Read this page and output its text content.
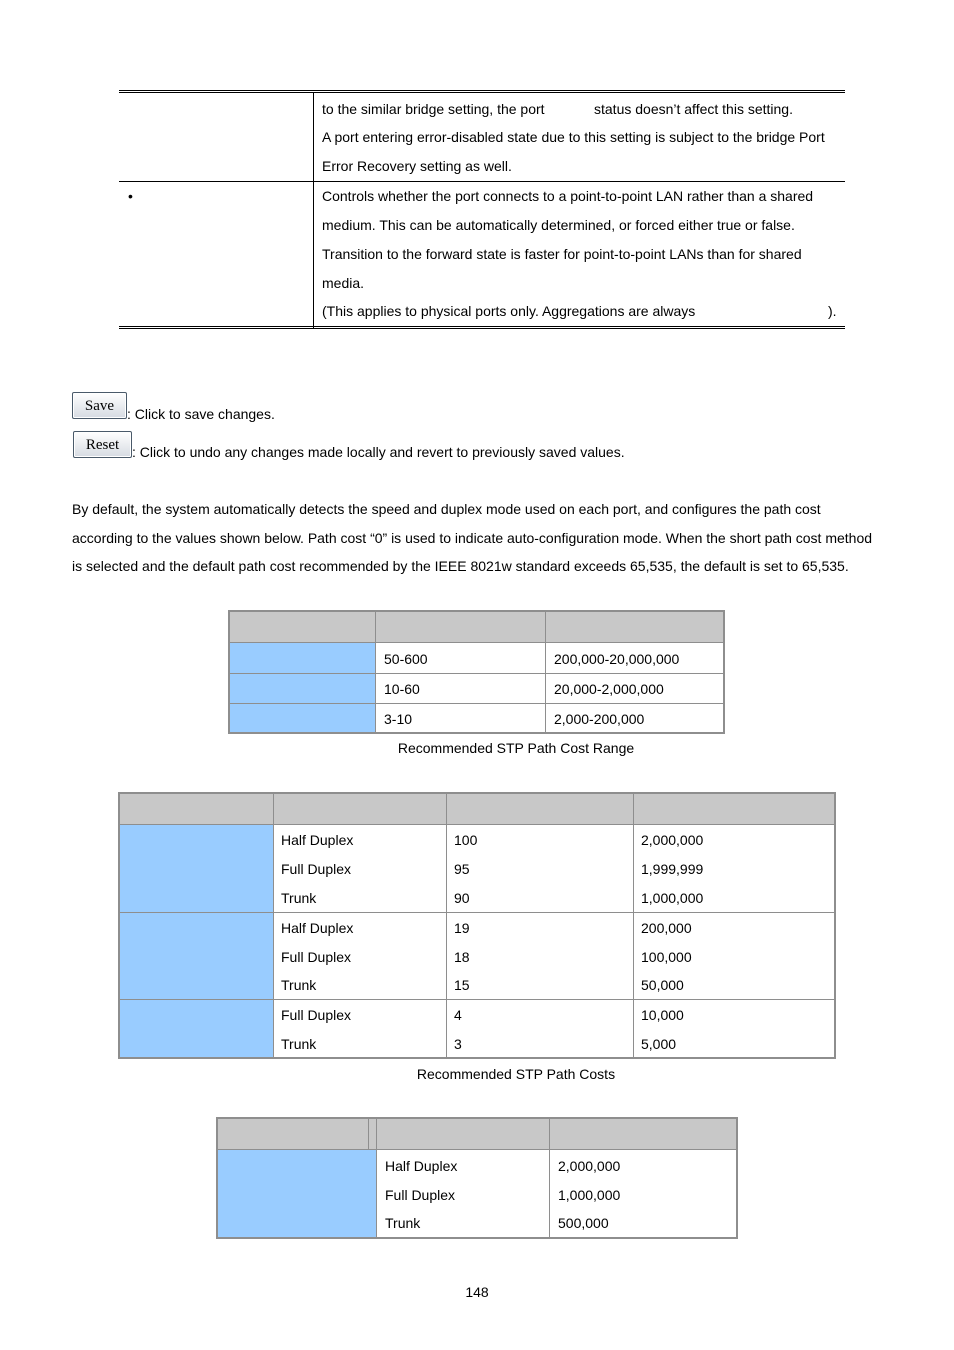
to the similar bridge setting, the port	status doesn’t affect this setting.
A port entering error-disabled state due to this setting is subject to the bridge Port
Error Recovery setting as well.
•	Controls whether the port connects to a point-to-point LAN rather than a shared
medium. This can be automatically determined, or forced either true or false.
Transition to the forward state is faster for point-to-point LANs than for shared
media.
(This applies to physical ports only. Aggregations are always	).
Save
: Click to save changes.
Reset : Click to undo any changes made locally and revert to previously saved values.
By default, the system automatically detects the speed and duplex mode used on each port, and configures the path cost according to the values shown below. Path cost “0” is used to indicate auto-configuration mode. When the short path cost method is selected and the default path cost recommended by the IEEE 8021w standard exceeds 65,535, the default is set to 65,535.
50-600	200,000-20,000,000
10-60	20,000-2,000,000
3-10	2,000-200,000
Recommended STP Path Cost Range
Half Duplex	100	2,000,000
Full Duplex	95	1,999,999
Trunk	90	1,000,000
Half Duplex	19	200,000
Full Duplex	18	100,000
Trunk	15	50,000
Full Duplex	4	10,000
Trunk	3	5,000
Recommended STP Path Costs
Half Duplex	2,000,000
Full Duplex	1,000,000
Trunk	500,000
148
